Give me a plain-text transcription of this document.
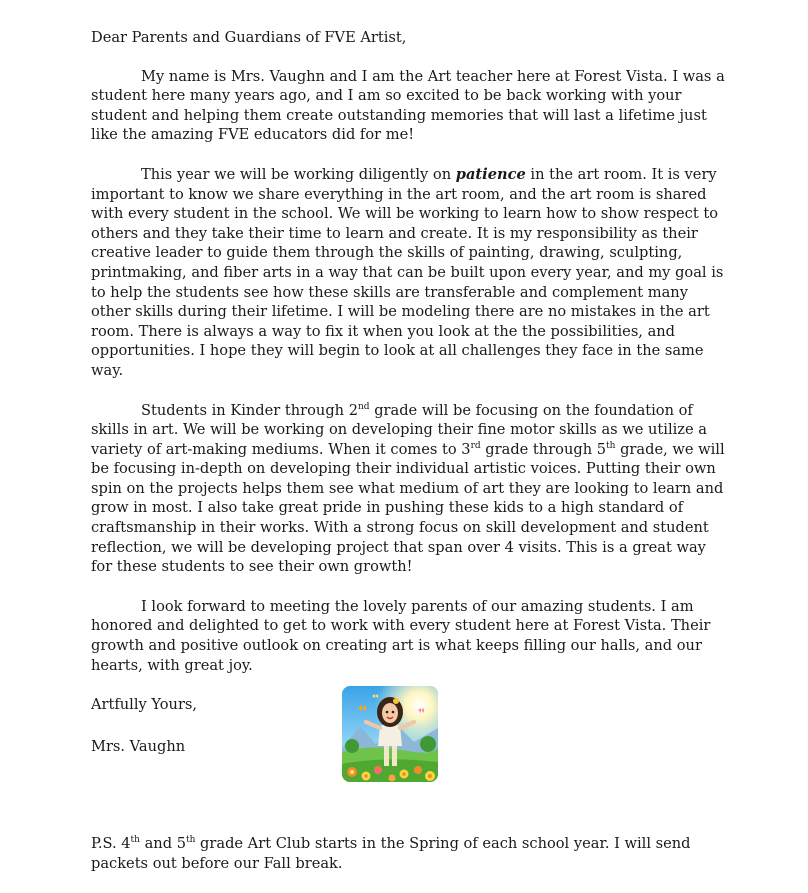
Dear Parents and Guardians of FVE Artist,

My name is Mrs. Vaughn and I am the Art teacher here at Forest Vista. I was a student here many years ago, and I am so excited to be back working with your student and helping them create outstanding memories that will last a lifetime just like the amazing FVE educators did for me!

This year we will be working diligently on patience in the art room. It is very important to know we share everything in the art room, and the art room is shared with every student in the school. We will be working to learn how to show respect to others and they take their time to learn and create. It is my responsibility as their creative leader to guide them through the skills of painting, drawing, sculpting, printmaking, and fiber arts in a way that can be built upon every year, and my goal is to help the students see how these skills are transferable and complement many other skills during their lifetime. I will be modeling there are no mistakes in the art room. There is always a way to fix it when you look at the the possibilities, and opportunities. I hope they will begin to look at all challenges they face in the same way.

Students in Kinder through 2nd grade will be focusing on the foundation of skills in art. We will be working on developing their fine motor skills as we utilize a variety of art-making mediums. When it comes to 3rd grade through 5th grade, we will be focusing in-depth on developing their individual artistic voices. Putting their own spin on the projects helps them see what medium of art they are looking to learn and grow in most. I also take great pride in pushing these kids to a high standard of craftsmanship in their works. With a strong focus on skill development and student reflection, we will be developing project that span over 4 visits. This is a great way for these students to see their own growth!

I look forward to meeting the lovely parents of our amazing students. I am honored and delighted to get to work with every student here at Forest Vista. Their growth and positive outlook on creating art is what keeps filling our halls, and our hearts, with great joy.

Artfully Yours,

Mrs. Vaughn

P.S. 4th and 5th grade Art Club starts in the Spring of each school year. I will send packets out before our Fall break.
